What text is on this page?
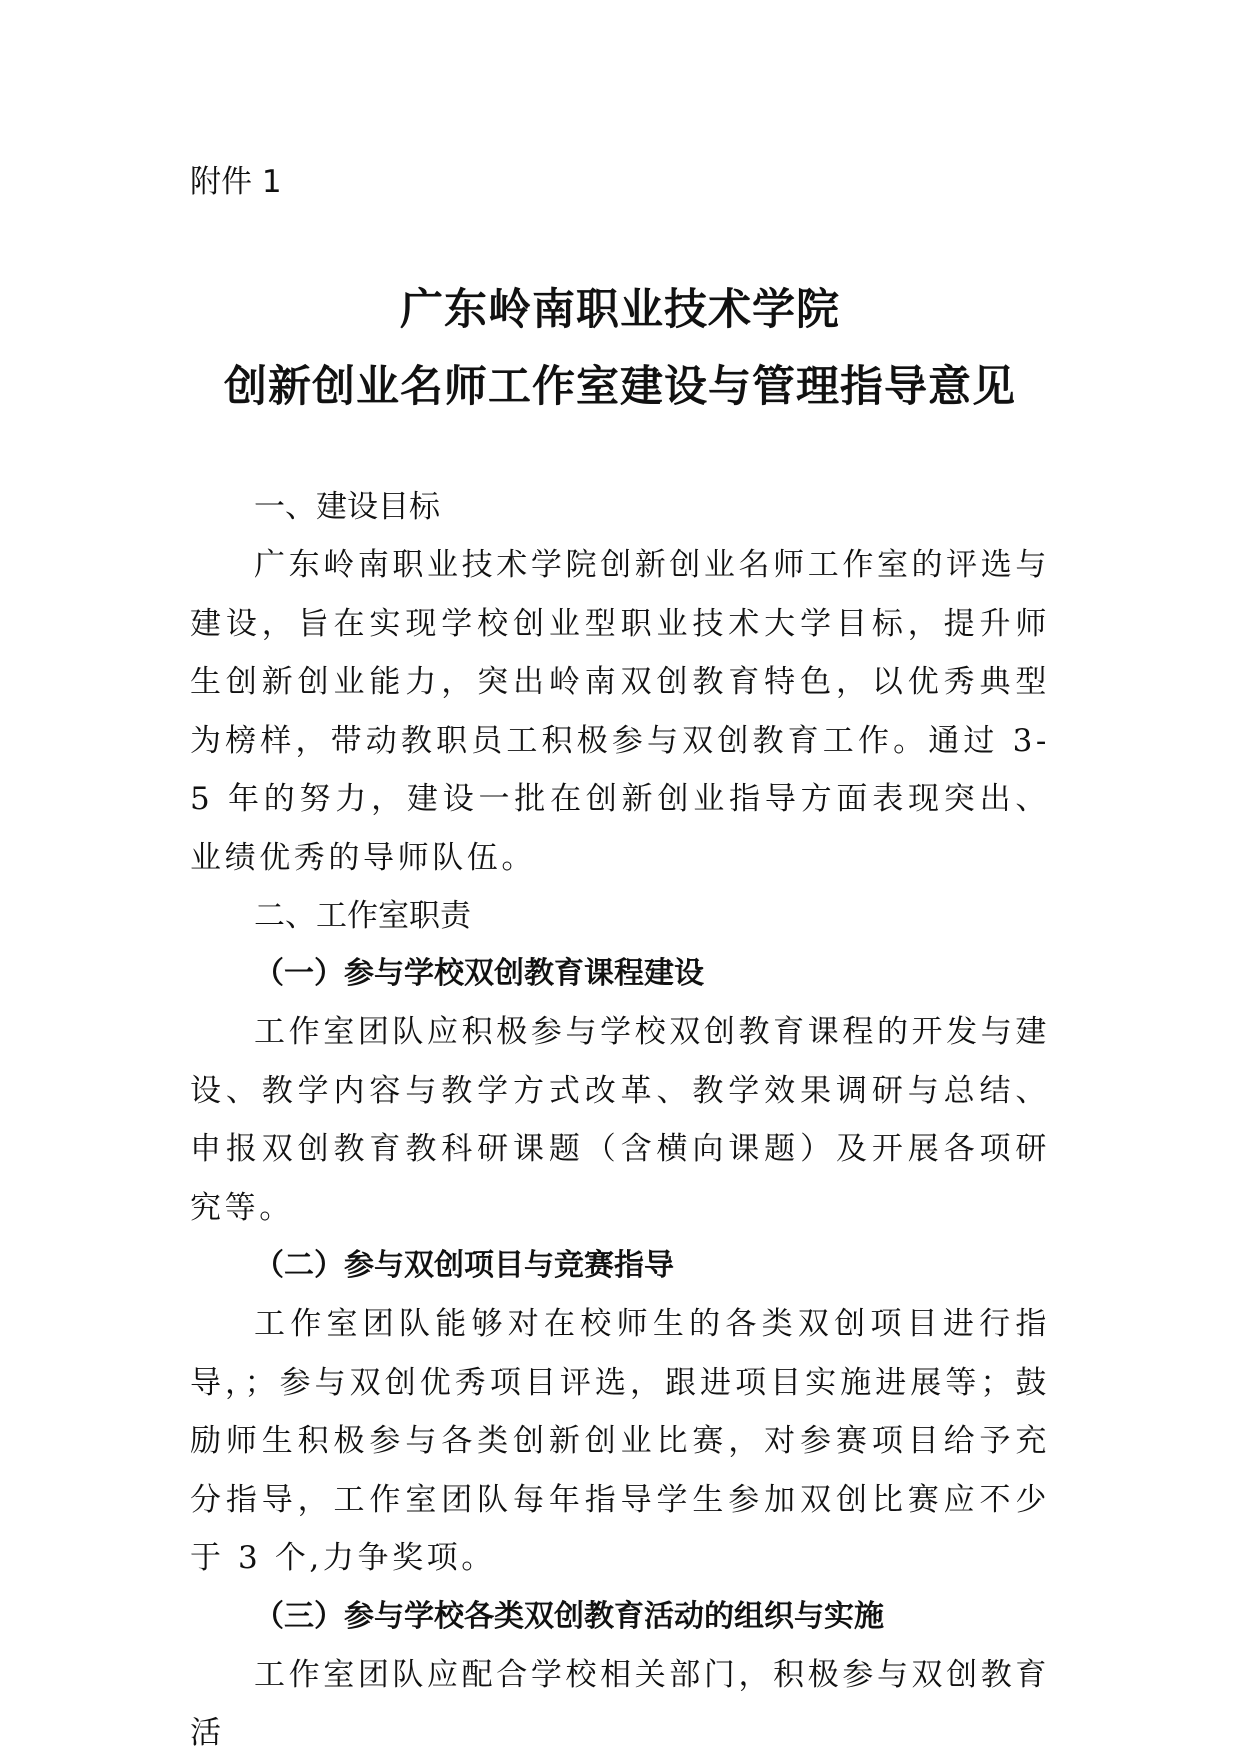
附件 1

广东岭南职业技术学院
创新创业名师工作室建设与管理指导意见
一、建设目标

广东岭南职业技术学院创新创业名师工作室的评选与建设，旨在实现学校创业型职业技术大学目标，提升师生创新创业能力，突出岭南双创教育特色，以优秀典型为榜样，带动教职员工积极参与双创教育工作。通过 3-5 年的努力，建设一批在创新创业指导方面表现突出、业绩优秀的导师队伍。

二、工作室职责
（一）参与学校双创教育课程建设

工作室团队应积极参与学校双创教育课程的开发与建设、教学内容与教学方式改革、教学效果调研与总结、申报双创教育教科研课题（含横向课题）及开展各项研究等。

（二）参与双创项目与竞赛指导

工作室团队能够对在校师生的各类双创项目进行指导，；参与双创优秀项目评选，跟进项目实施进展等；鼓励师生积极参与各类创新创业比赛，对参赛项目给予充分指导，工作室团队每年指导学生参加双创比赛应不少于 3 个,力争奖项。

（三）参与学校各类双创教育活动的组织与实施

工作室团队应配合学校相关部门，积极参与双创教育活
